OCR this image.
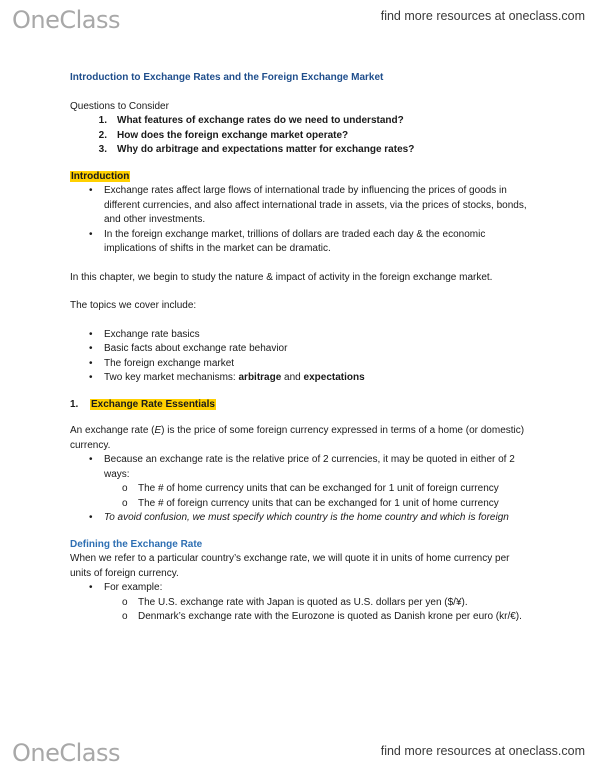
OneClass	find more resources at oneclass.com
Introduction to Exchange Rates and the Foreign Exchange Market
Questions to Consider
1.	What features of exchange rates do we need to understand?
2.	How does the foreign exchange market operate?
3.	Why do arbitrage and expectations matter for exchange rates?
Introduction
• Exchange rates affect large flows of international trade by influencing the prices of goods in different currencies, and also affect international trade in assets, via the prices of stocks, bonds, and other investments.
• In the foreign exchange market, trillions of dollars are traded each day & the economic implications of shifts in the market can be dramatic.
In this chapter, we begin to study the nature & impact of activity in the foreign exchange market.
The topics we cover include:
• Exchange rate basics
• Basic facts about exchange rate behavior
• The foreign exchange market
• Two key market mechanisms: arbitrage and expectations
1. Exchange Rate Essentials
An exchange rate (E) is the price of some foreign currency expressed in terms of a home (or domestic) currency.
• Because an exchange rate is the relative price of 2 currencies, it may be quoted in either of 2 ways:
o The # of home currency units that can be exchanged for 1 unit of foreign currency
o The # of foreign currency units that can be exchanged for 1 unit of home currency
• To avoid confusion, we must specify which country is the home country and which is foreign
Defining the Exchange Rate
When we refer to a particular country’s exchange rate, we will quote it in units of home currency per units of foreign currency.
• For example:
o The U.S. exchange rate with Japan is quoted as U.S. dollars per yen ($/¥).
o Denmark’s exchange rate with the Eurozone is quoted as Danish krone per euro (kr/€).
OneClass	find more resources at oneclass.com
